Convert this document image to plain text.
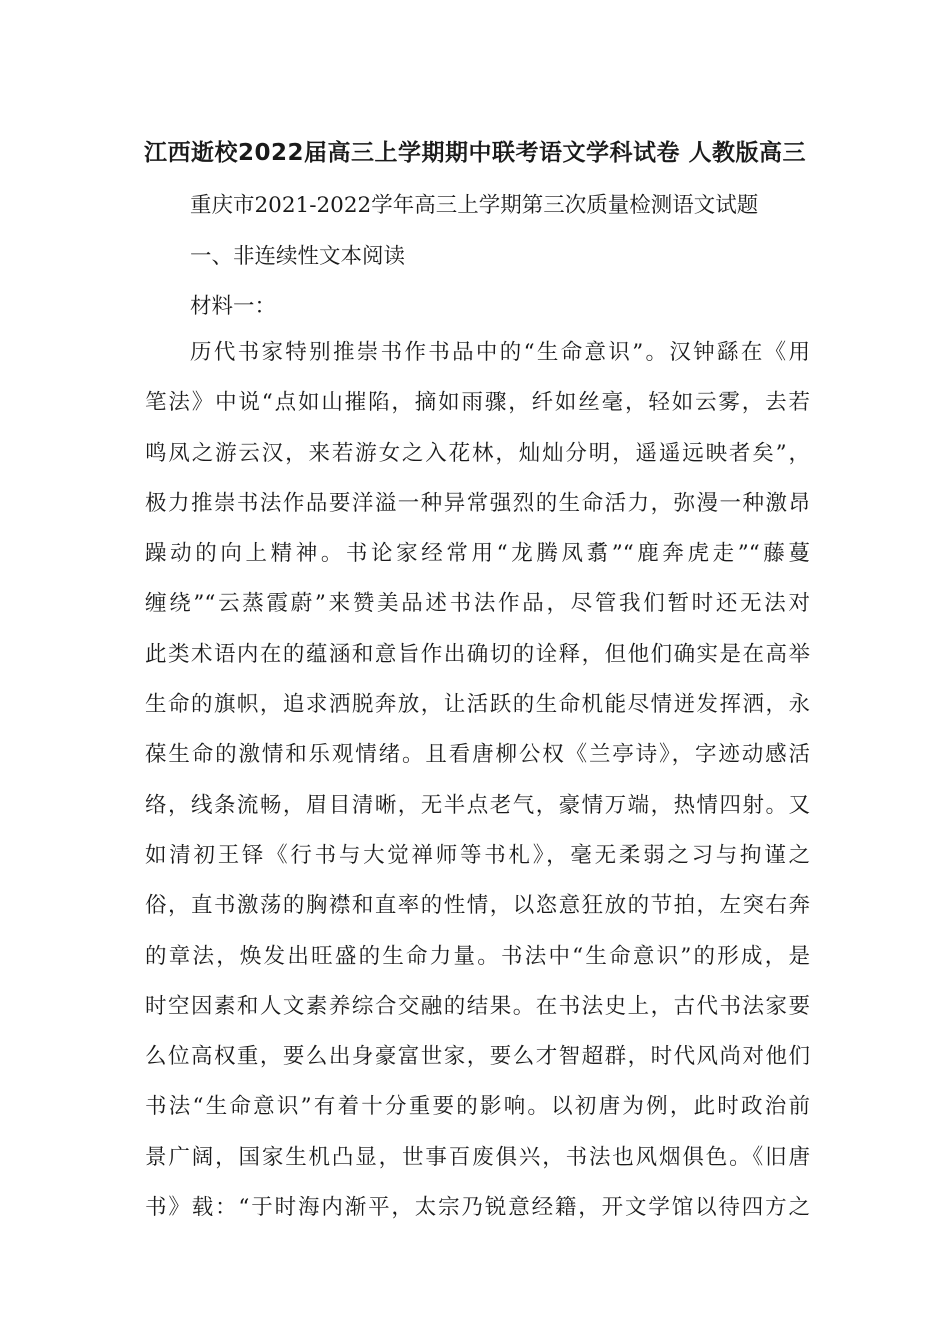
江西逝校2022届高三上学期期中联考语文学科试卷 人教版高三
重庆市2021-2022学年高三上学期第三次质量检测语文试题
一、非连续性文本阅读
材料一：
历代书家特别推崇书作书品中的“生命意识”。汉钟繇在《用
笔法》中说“点如山摧陷，摘如雨骤，纤如丝毫，轻如云雾，去若
鸣凤之游云汉，来若游女之入花林，灿灿分明，遥遥远映者矣”，
极力推崇书法作品要洋溢一种异常强烈的生命活力，弥漫一种激昂
躁动的向上精神。书论家经常用“龙腾凤翥”“鹿奔虎走”“藤蔓
缠绕”“云蒸霞蔚”来赞美品述书法作品，尽管我们暂时还无法对
此类术语内在的蕴涵和意旨作出确切的诠释，但他们确实是在高举
生命的旗帜，追求洒脱奔放，让活跃的生命机能尽情迸发挥洒，永
葆生命的激情和乐观情绪。且看唐柳公权《兰亭诗》，字迹动感活
络，线条流畅，眉目清晰，无半点老气，豪情万端，热情四射。又
如清初王铎《行书与大觉禅师等书札》，毫无柔弱之习与拘谨之
俗，直书激荡的胸襟和直率的性情，以恣意狂放的节拍，左突右奔
的章法，焕发出旺盛的生命力量。书法中“生命意识”的形成，是
时空因素和人文素养综合交融的结果。在书法史上，古代书法家要
么位高权重，要么出身豪富世家，要么才智超群，时代风尚对他们
书法“生命意识”有着十分重要的影响。以初唐为例，此时政治前
景广阔，国家生机凸显，世事百废俱兴，书法也风烟俱色。《旧唐
书》载：“于时海内渐平，太宗乃锐意经籍，开文学馆以待四方之
